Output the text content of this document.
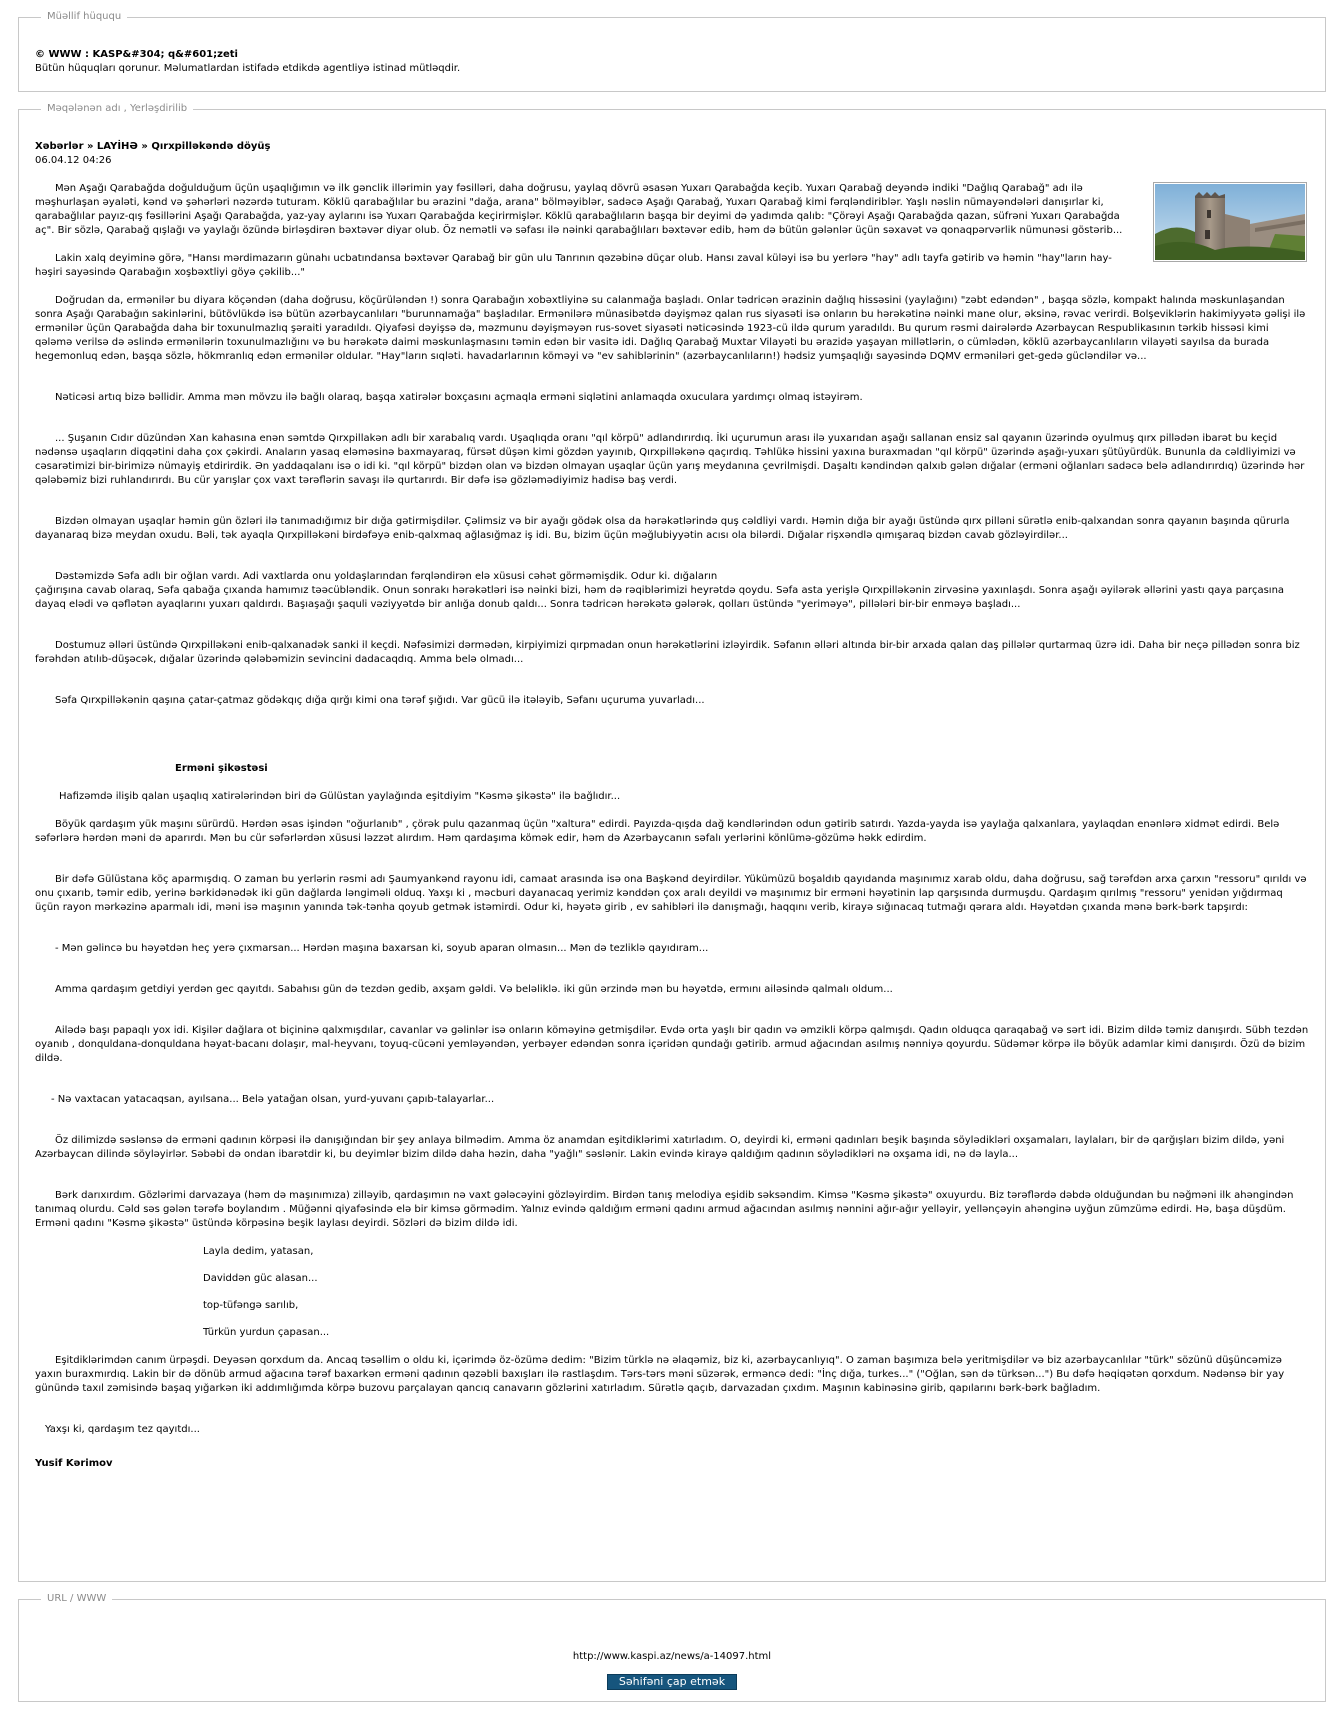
Müəllif hüququ
© WWW : KASP&#304; q&#601;zeti
Bütün hüquqları qorunur. Məlumatlardan istifadə etdikdə agentliyə istinad mütləqdir.
Məqələnən adı , Yerləşdirilib
Xəbərlər » LAYİHƏ » Qırxpilləkəndə döyüş
06.04.12 04:26

Mən Aşağı Qarabağda doğulduğum üçün uşaqlığımın və ilk gənclik illərimin yay fəsilləri, daha doğrusu, yaylaq dövrü əsasən Yuxarı Qarabağda keçib. Yuxarı Qarabağ deyəndə indiki "Dağlıq Qarabağ" adı ilə məşhurlaşan əyaləti, kənd və şəhərləri nəzərdə tuturam. Köklü qarabağlılar bu ərazini "dağa, arana" bölməyiblər, sadəcə Aşağı Qarabağ, Yuxarı Qarabağ kimi fərqləndiriblər. Yaşlı nəslin nümayəndələri danışırlar ki, qarabağlılar payız-qış fəsillərini Aşağı Qarabağda, yaz-yay aylarını isə Yuxarı Qarabağda keçirirmişlər. Köklü qarabağlıların başqa bir deyimi də yadımda qalıb: "Çörəyi Aşağı Qarabağda qazan, süfrəni Yuxarı Qarabağda aç". Bir sözlə, Qarabağ qışlağı və yaylağı özündə birləşdirən bəxtəvər diyar olub. Öz nemətli və səfası ilə nəinki qarabağlıları bəxtəvər edib, həm də bütün gələnlər üçün səxavət və qonaqpərvərlik nümunəsi göstərib...

Lakin xalq deyiminə görə, "Hansı mərdimazarın günahı ucbatındansa bəxtəvər Qarabağ bir gün ulu Tanrının qəzəbinə düçar olub. Hansı zaval küləyi isə bu yerlərə "hay" adlı tayfa gətirib və həmin "hay"ların hay-həşiri sayəsində Qarabağın xoşbəxtliyi göyə çəkilib..."

Doğrudan da, ermənilər bu diyara köçəndən (daha doğrusu, köçürüləndən !) sonra Qarabağın xobəxtliyinə su calanmağa başladı. Onlar tədricən ərazinin dağlıq hissəsini (yaylağını) "zəbt edəndən" , başqa sözlə, kompakt halında məskunlaşandan sonra Aşağı Qarabağın sakinlərini, bütövlükdə isə bütün azərbaycanlıları "burunnamağa" başladılar. Ermənilərə münasibətdə dəyişməz qalan rus siyasəti isə onların bu hərəkətinə nəinki mane olur, əksinə, rəvac verirdi. Bolşeviklərin hakimiyyətə gəlişi ilə ermənilər üçün Qarabağda daha bir toxunulmazlıq şəraiti yaradıldı. Qiyafəsi dəyişsə də, məzmunu dəyişməyən rus-sovet siyasəti nəticəsində 1923-cü ildə qurum yaradıldı. Bu qurum rəsmi dairələrdə Azərbaycan Respublikasının tərkib hissəsi kimi qələmə verilsə də əslində ermənilərin toxunulmazlığını və bu hərəkətə daimi məskunlaşmasını təmin edən bir vasitə idi. Dağlıq Qarabağ Muxtar Vilayəti bu ərazidə yaşayan millətlərin, o cümlədən, köklü azərbaycanlıların vilayəti sayılsa da burada hegemonluq edən, başqa sözlə, hökmranlıq edən ermənilər oldular. "Hay"ların sıqləti. havadarlarının köməyi və "ev sahiblərinin" (azərbaycanlıların!) hədsiz yumşaqlığı sayəsində DQMV erməniləri get-gedə gücləndilər və...

Nəticəsi artıq bizə bəllidir. Amma mən mövzu ilə bağlı olaraq, başqa xatirələr boxçasını açmaqla erməni siqlətini anlamaqda oxuculara yardımçı olmaq istəyirəm.

... Şuşanın Cıdır düzündən Xan kahasına enən səmtdə Qırxpillakən adlı bir xarabalıq vardı. Uşaqlıqda oranı "qıl körpü" adlandırırdıq. İki uçurumun arası ilə yuxarıdan aşağı sallanan ensiz sal qayanın üzərində oyulmuş qırx pillədən ibarət bu keçid nədənsə uşaqların diqqətini daha çox çəkirdi. Anaların yasaq eləməsinə baxmayaraq, fürsət düşən kimi gözdən yayınıb, Qırxpilləkənə qaçırdıq. Təhlükə hissini yaxına buraxmadan "qıl körpü" üzərində aşağı-yuxarı şütüyürdük. Bununla da cəldliyimizi və cəsarətimizi bir-birimizə nümayiş etdirirdik. Ən yaddaqalanı isə o idi ki. "qıl körpü" bizdən olan və bizdən olmayan uşaqlar üçün yarış meydanına çevrilmişdi. Daşaltı kəndindən qalxıb gələn dığalar (erməni oğlanları sadəcə belə adlandırırdıq) üzərində hər qələbəmiz bizi ruhlandırırdı. Bu cür yarışlar çox vaxt tərəflərin savaşı ilə qurtarırdı. Bir dəfə isə gözləmədiyimiz hadisə baş verdi.

Bizdən olmayan uşaqlar həmin gün özləri ilə tanımadığımız bir dığa gətirmişdilər. Çəlimsiz və bir ayağı gödək olsa da hərəkətlərində quş cəldliyi vardı. Həmin dığa bir ayağı üstündə qırx pilləni sürətlə enib-qalxandan sonra qayanın başında qürurla dayanaraq bizə meydan oxudu. Bəli, tək ayaqla Qırxpilləkəni birdəfəyə enib-qalxmaq ağlasığmaz iş idi. Bu, bizim üçün məğlubiyyətin acısı ola bilərdi. Dığalar rişxəndlə qımışaraq bizdən cavab gözləyirdilər...

Dəstəmizdə Səfa adlı bir oğlan vardı. Adi vaxtlarda onu yoldaşlarından fərqləndirən elə xüsusi cəhət görməmişdik. Odur ki. dığaların

çağırışına cavab olaraq, Səfa qabağa çıxanda hamımız təəcübləndik. Onun sonrakı hərəkətləri isə nəinki bizi, həm də rəqiblərimizi heyrətdə qoydu. Səfa asta yerişlə Qırxpilləkənin zirvəsinə yaxınlaşdı. Sonra aşağı əyilərək əllərini yastı qaya parçasına dayaq elədi və qəflətən ayaqlarını yuxarı qaldırdı. Başıaşağı şaquli vəziyyətdə bir anlığa donub qaldı... Sonra tədricən hərəkətə gələrək, qolları üstündə "yeriməyə", pillələri bir-bir enməyə başladı...

Dostumuz əlləri üstündə Qırxpilləkəni enib-qalxanadək sanki il keçdi. Nəfəsimizi dərmədən, kirpiyimizi qırpmadan onun hərəkətlərini izləyirdik. Səfanın əlləri altında bir-bir arxada qalan daş pillələr qurtarmaq üzrə idi. Daha bir neçə pillədən sonra biz fərəhdən atılıb-düşəcək, dığalar üzərində qələbəmizin sevincini dadacaqdıq. Amma belə olmadı...

Səfa Qırxpilləkənin qaşına çatar-çatmaz gödəkqıç dığa qırğı kimi ona tərəf şığıdı. Var gücü ilə itələyib, Səfanı uçuruma yuvarladı...

Erməni şikəstəsi

Hafizəmdə ilişib qalan uşaqlıq xatirələrindən biri də Gülüstan yaylağında eşitdiyim "Kəsmə şikəstə" ilə bağlıdır...

Böyük qardaşım yük maşını sürürdü. Hərdən əsas işindən "oğurlanıb" , çörək pulu qazanmaq üçün "xaltura" edirdi. Payızda-qışda dağ kəndlərindən odun gətirib satırdı. Yazda-yayda isə yaylağa qalxanlara, yaylaqdan enənlərə xidmət edirdi. Belə səfərlərə hərdən məni də aparırdı. Mən bu cür səfərlərdən xüsusi ləzzət alırdım. Həm qardaşıma kömək edir, həm də Azərbaycanın səfalı yerlərini könlümə-gözümə həkk edirdim.

Bir dəfə Gülüstana köç aparmışdıq. O zaman bu yerlərin rəsmi adı Şaumyankənd rayonu idi, camaat arasında isə ona Başkənd deyirdilər. Yükümüzü boşaldıb qayıdanda maşınımız xarab oldu, daha doğrusu, sağ tərəfdən arxa çarxın "ressoru" qırıldı və onu çıxarıb, təmir edib, yerinə bərkidənədək iki gün dağlarda ləngiməli olduq. Yaxşı ki , məcburi dayanacaq yerimiz kənddən çox aralı deyildi və maşınımız bir erməni həyətinin lap qarşısında durmuşdu. Qardaşım qırılmış "ressoru" yenidən yığdırmaq üçün rayon mərkəzinə aparmalı idi, məni isə maşının yanında tək-tənha qoyub getmək istəmirdi. Odur ki, həyətə girib , ev sahibləri ilə danışmağı, haqqını verib, kirayə sığınacaq tutmağı qərara aldı. Həyətdən çıxanda mənə bərk-bərk tapşırdı:

- Mən gəlincə bu həyətdən heç yerə çıxmarsan... Hərdən maşına baxarsan ki, soyub aparan olmasın... Mən də tezliklə qayıdıram...

Amma qardaşım getdiyi yerdən gec qayıtdı. Sabahısı gün də tezdən gedib, axşam gəldi. Və beləliklə. iki gün ərzində mən bu həyətdə, ermını ailəsində qalmalı oldum...

Ailədə başı papaqlı yox idi. Kişilər dağlara ot biçininə qalxmışdılar, cavanlar və gəlinlər isə onların köməyinə getmişdilər. Evdə orta yaşlı bir qadın və əmzikli körpə qalmışdı. Qadın olduqca qaraqabağ və sərt idi. Bizim dildə təmiz danışırdı. Sübh tezdən oyanıb , donquldana-donquldana həyat-bacanı dolaşır, mal-heyvanı, toyuq-cücəni yemləyəndən, yerbəyer edəndən sonra içəridən qundağı gətirib. armud ağacından asılmış nənniyə qoyurdu. Südəmər körpə ilə böyük adamlar kimi danışırdı. Özü də bizim dildə.

- Nə vaxtacan yatacaqsan, ayılsana... Belə yatağan olsan, yurd-yuvanı çapıb-talayarlar...

Öz dilimizdə səslənsə də erməni qadının körpəsi ilə danışığından bir şey anlaya bilmədim. Amma öz anamdan eşitdiklərimi xatırladım. O, deyirdi ki, erməni qadınları beşik başında söylədikləri oxşamaları, laylaları, bir də qarğışları bizim dildə, yəni Azərbaycan dilində söyləyirlər. Səbəbi də ondan ibarətdir ki, bu deyimlər bizim dildə daha həzin, daha "yağlı" səslənir. Lakin evində kirayə qaldığım qadının söylədikləri nə oxşama idi, nə də layla...

Bərk darıxırdım. Gözlərimi darvazaya (həm də maşınımıza) zilləyib, qardaşımın nə vaxt gələcəyini gözləyirdim. Birdən tanış melodiya eşidib səksəndim. Kimsə "Kəsmə şikəstə" oxuyurdu. Biz tərəflərdə dəbdə olduğundan bu nəğməni ilk ahəngindən tanımaq olurdu. Cəld səs gələn tərəfə boylandım . Müğənni qiyafəsində elə bir kimsə görmədim. Yalnız evində qaldığım erməni qadını armud ağacından asılmış nənnini ağır-ağır yelləyir, yellənçəyin ahənginə uyğun zümzümə edirdi. Hə, başa düşdüm. Erməni qadını "Kəsmə şikəstə" üstündə körpəsinə beşik laylası deyirdi. Sözləri də bizim dildə idi.

Layla dedim, yatasan,

Daviddən güc alasan...

top-tüfəngə sarılıb,

Türkün yurdun çapasan...

Eşitdiklərimdən canım ürpəşdi. Deyəsən qorxdum da. Ancaq təsəllim o oldu ki, içərimdə öz-özümə dedim: "Bizim türklə nə əlaqəmiz, biz ki, azərbaycanlıyıq". O zaman başımıza belə yeritmişdilər və biz azərbaycanlılar "türk" sözünü düşüncəmizə yaxın buraxmırdıq. Lakin bir də dönüb armud ağacına tərəf baxarkən erməni qadının qəzəbli baxışları ilə rastlaşdım. Tərs-tərs məni süzərək, erməncə dedi: "İnç dığa, turkes..." ("Oğlan, sən də türksən...") Bu dəfə həqiqətən qorxdum. Nədənsə bir yay günündə taxıl zəmisində başaq yığarkən iki addımlığımda körpə buzovu parçalayan qancıq canavarın gözlərini xatırladım. Sürətlə qaçıb, darvazadan çıxdım. Maşının kabinəsinə girib, qapılarını bərk-bərk bağladım.

Yaxşı ki, qardaşım tez qayıtdı...

Yusif Kərimov

URL / WWW
http://www.kaspi.az/news/a-14097.html
Səhifəni çap etmək
